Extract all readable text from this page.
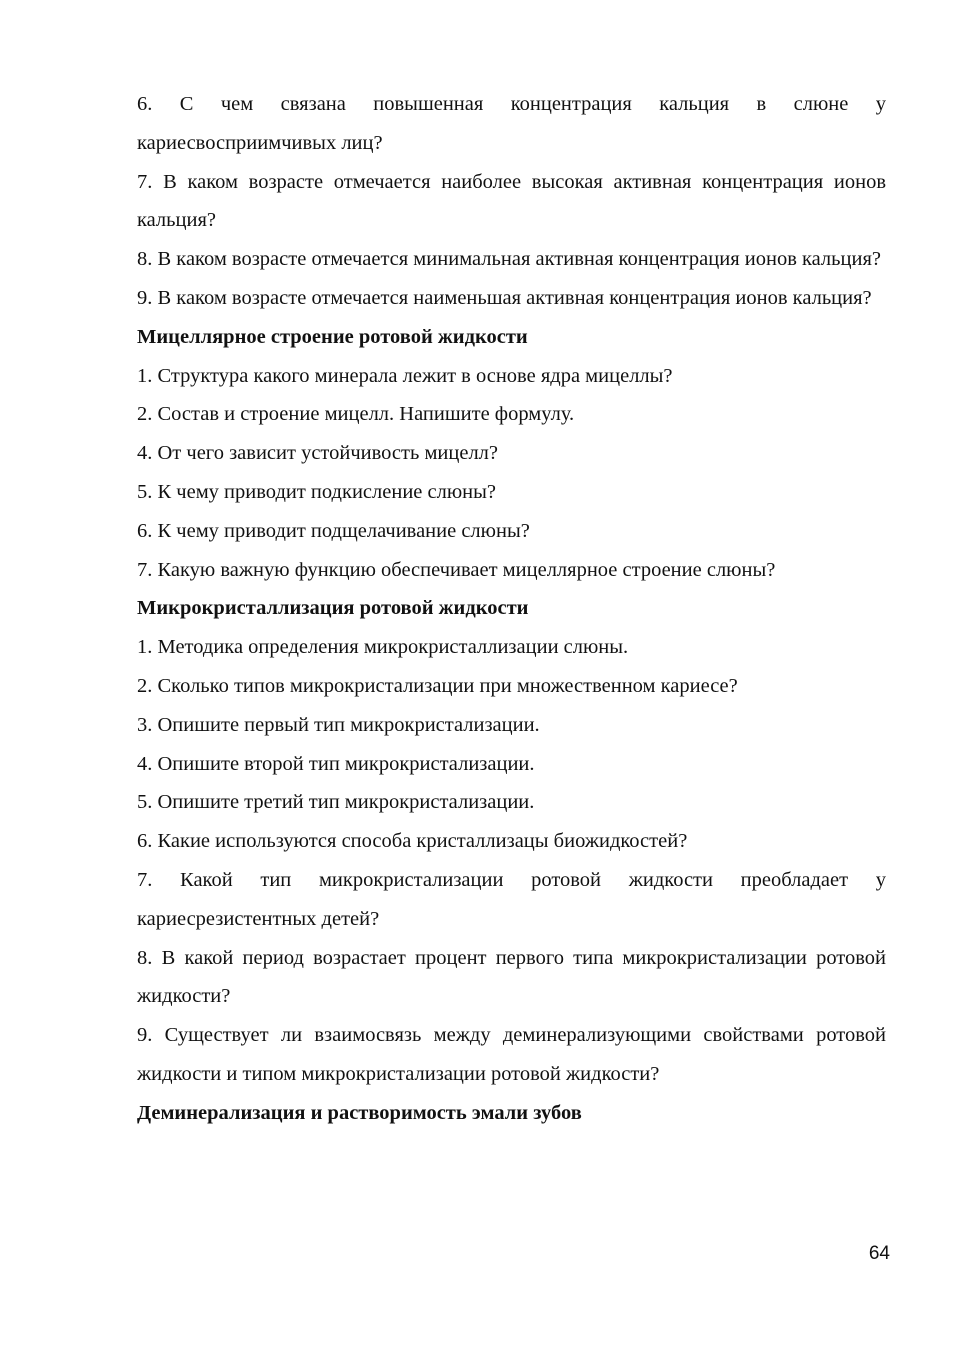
6. С чем связана повышенная концентрация кальция в слюне у кариесвосприимчивых лиц?

7. В каком возрасте отмечается наиболее высокая активная концентрация ионов кальция?

8. В каком возрасте отмечается минимальная активная концентрация ионов кальция?

9. В каком возрасте отмечается наименьшая активная концентрация ионов кальция?

Мицеллярное строение ротовой жидкости

1. Структура какого минерала лежит в основе ядра мицеллы?

2. Состав и строение мицелл. Напишите формулу.

4. От чего зависит устойчивость мицелл?

5. К чему приводит подкисление слюны?

6. К чему приводит подщелачивание слюны?

7. Какую важную функцию обеспечивает мицеллярное строение слюны?

Микрокристаллизация ротовой жидкости

1. Методика определения микрокристаллизации слюны.

2. Сколько типов микрокристализации при множественном кариесе?

3. Опишите первый тип микрокристализации.

4. Опишите второй тип микрокристализации.

5. Опишите третий тип микрокристализации.

6. Какие используются способа кристаллизацы биожидкостей?

7. Какой тип микрокристализации ротовой жидкости преобладает у кариесрезистентных детей?

8. В какой период возрастает процент первого типа микрокристализации ротовой жидкости?

9. Существует ли взаимосвязь между деминерализующими свойствами ротовой жидкости и типом микрокристализации ротовой жидкости?

Деминерализация и растворимость эмали зубов

64
